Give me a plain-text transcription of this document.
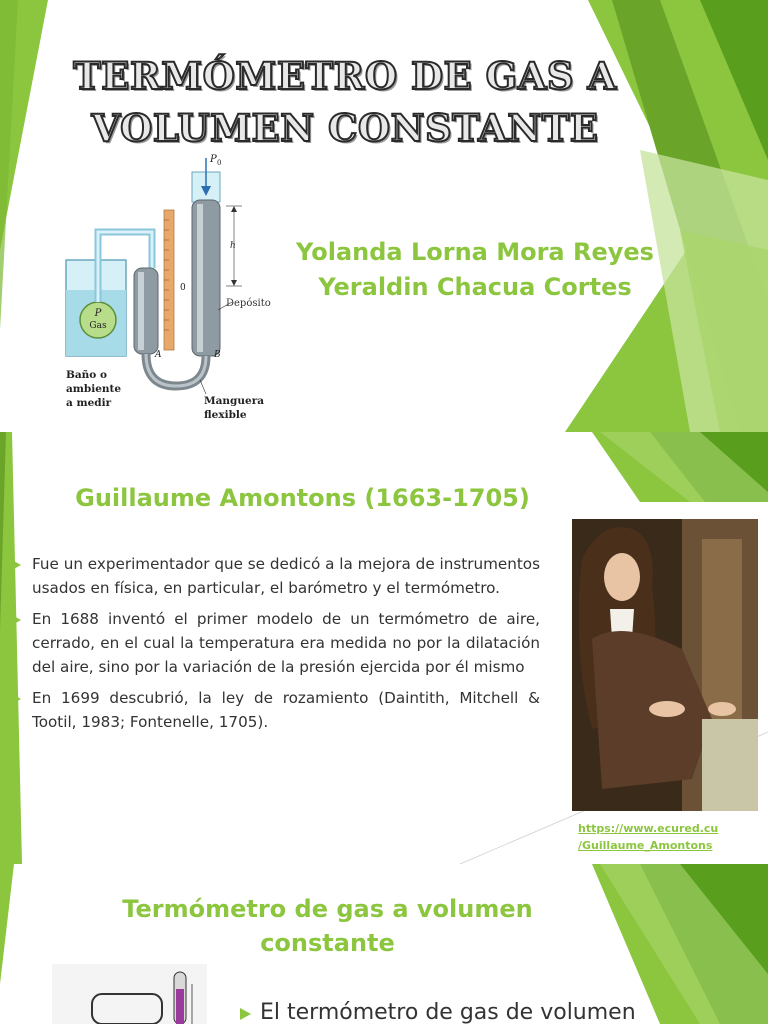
TERMÓMETRO DE GAS A
VOLUMEN CONSTANTE
Yolanda Lorna Mora Reyes
Yeraldin Chacua Cortes
P
Gas
0
P 0
h
Depósito
A	B
Baño o ambiente a medir	Manguera flexible
Guillaume Amontons (1663-1705)
Fue un experimentador que se dedicó a la mejora de instrumentos usados en física, en particular, el barómetro y el termómetro.
En 1688 inventó el primer modelo de un termómetro de aire, cerrado, en el cual la temperatura era medida no por la dilatación del aire, sino por la variación de la presión ejercida por él mismo
En 1699 descubrió, la ley de rozamiento (Daintith, Mitchell & Tootil, 1983; Fontenelle, 1705).
https://www.ecured.cu
/Guillaume_Amontons
Termómetro de gas a volumen
constante
El termómetro de gas de volumen
